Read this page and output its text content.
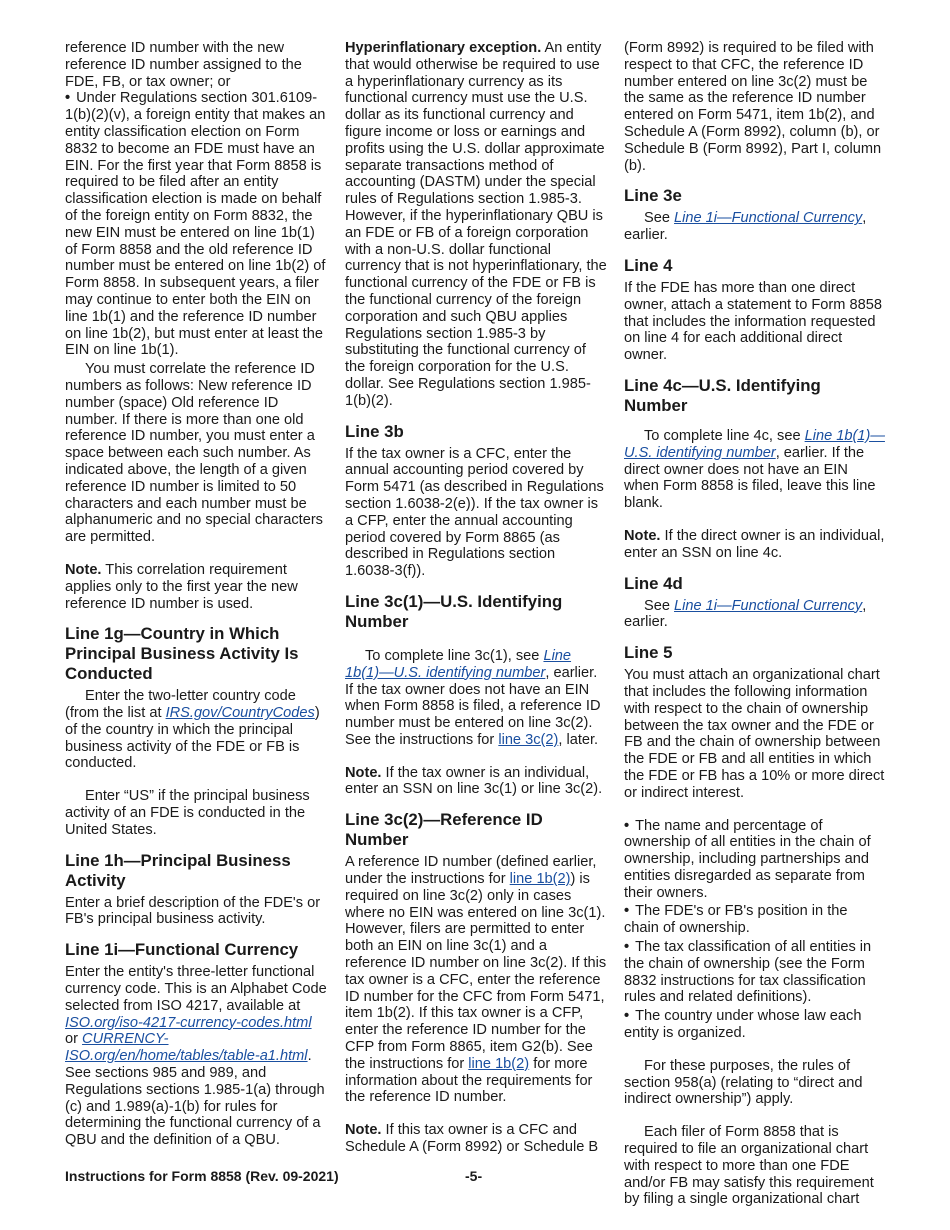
reference ID number with the new reference ID number assigned to the FDE, FB, or tax owner; or

• Under Regulations section 301.6109-1(b)(2)(v), a foreign entity that makes an entity classification election on Form 8832 to become an FDE must have an EIN. For the first year that Form 8858 is required to be filed after an entity classification election is made on behalf of the foreign entity on Form 8832, the new EIN must be entered on line 1b(1) of Form 8858 and the old reference ID number must be entered on line 1b(2) of Form 8858. In subsequent years, a filer may continue to enter both the EIN on line 1b(1) and the reference ID number on line 1b(2), but must enter at least the EIN on line 1b(1).

You must correlate the reference ID numbers as follows: New reference ID number (space) Old reference ID number. If there is more than one old reference ID number, you must enter a space between each such number. As indicated above, the length of a given reference ID number is limited to 50 characters and each number must be alphanumeric and no special characters are permitted.

Note. This correlation requirement applies only to the first year the new reference ID number is used.

Line 1g—Country in Which Principal Business Activity Is Conducted

Enter the two-letter country code (from the list at IRS.gov/CountryCodes) of the country in which the principal business activity of the FDE or FB is conducted.

Enter “US” if the principal business activity of an FDE is conducted in the United States.

Line 1h—Principal Business Activity

Enter a brief description of the FDE's or FB's principal business activity.

Line 1i—Functional Currency

Enter the entity's three-letter functional currency code. This is an Alphabet Code selected from ISO 4217, available at ISO.org/iso-4217-currency-codes.html or CURRENCY-ISO.org/en/home/tables/table-a1.html. See sections 985 and 989, and Regulations sections 1.985-1(a) through (c) and 1.989(a)-1(b) for rules for determining the functional currency of a QBU and the definition of a QBU.

Hyperinflationary exception. An entity that would otherwise be required to use a hyperinflationary currency as its functional currency must use the U.S. dollar as its functional currency and figure income or loss or earnings and profits using the U.S. dollar approximate separate transactions method of accounting (DASTM) under the special rules of Regulations section 1.985-3. However, if the hyperinflationary QBU is an FDE or FB of a foreign corporation with a non-U.S. dollar functional currency that is not hyperinflationary, the functional currency of the FDE or FB is the functional currency of the foreign corporation and such QBU applies Regulations section 1.985-3 by substituting the functional currency of the foreign corporation for the U.S. dollar. See Regulations section 1.985-1(b)(2).

Line 3b

If the tax owner is a CFC, enter the annual accounting period covered by Form 5471 (as described in Regulations section 1.6038-2(e)). If the tax owner is a CFP, enter the annual accounting period covered by Form 8865 (as described in Regulations section 1.6038-3(f)).

Line 3c(1)—U.S. Identifying Number

To complete line 3c(1), see Line 1b(1)—U.S. identifying number, earlier. If the tax owner does not have an EIN when Form 8858 is filed, a reference ID number must be entered on line 3c(2). See the instructions for line 3c(2), later.

Note. If the tax owner is an individual, enter an SSN on line 3c(1) or line 3c(2).

Line 3c(2)—Reference ID Number

A reference ID number (defined earlier, under the instructions for line 1b(2)) is required on line 3c(2) only in cases where no EIN was entered on line 3c(1). However, filers are permitted to enter both an EIN on line 3c(1) and a reference ID number on line 3c(2). If this tax owner is a CFC, enter the reference ID number for the CFC from Form 5471, item 1b(2). If this tax owner is a CFP, enter the reference ID number for the CFP from Form 8865, item G2(b). See the instructions for line 1b(2) for more information about the requirements for the reference ID number.

Note. If this tax owner is a CFC and Schedule A (Form 8992) or Schedule B

(Form 8992) is required to be filed with respect to that CFC, the reference ID number entered on line 3c(2) must be the same as the reference ID number entered on Form 5471, item 1b(2), and Schedule A (Form 8992), column (b), or Schedule B (Form 8992), Part I, column (b).

Line 3e

See Line 1i—Functional Currency, earlier.

Line 4

If the FDE has more than one direct owner, attach a statement to Form 8858 that includes the information requested on line 4 for each additional direct owner.

Line 4c—U.S. Identifying Number

To complete line 4c, see Line 1b(1)—U.S. identifying number, earlier. If the direct owner does not have an EIN when Form 8858 is filed, leave this line blank.

Note. If the direct owner is an individual, enter an SSN on line 4c.

Line 4d

See Line 1i—Functional Currency, earlier.

Line 5

You must attach an organizational chart that includes the following information with respect to the chain of ownership between the tax owner and the FDE or FB and the chain of ownership between the FDE or FB and all entities in which the FDE or FB has a 10% or more direct or indirect interest.

• The name and percentage of ownership of all entities in the chain of ownership, including partnerships and entities disregarded as separate from their owners.

• The FDE's or FB's position in the chain of ownership.

• The tax classification of all entities in the chain of ownership (see the Form 8832 instructions for tax classification rules and related definitions).

• The country under whose law each entity is organized.

For these purposes, the rules of section 958(a) (relating to “direct and indirect ownership”) apply.

Each filer of Form 8858 that is required to file an organizational chart with respect to more than one FDE and/or FB may satisfy this requirement by filing a single organizational chart

Instructions for Form 8858 (Rev. 09-2021)	-5-
